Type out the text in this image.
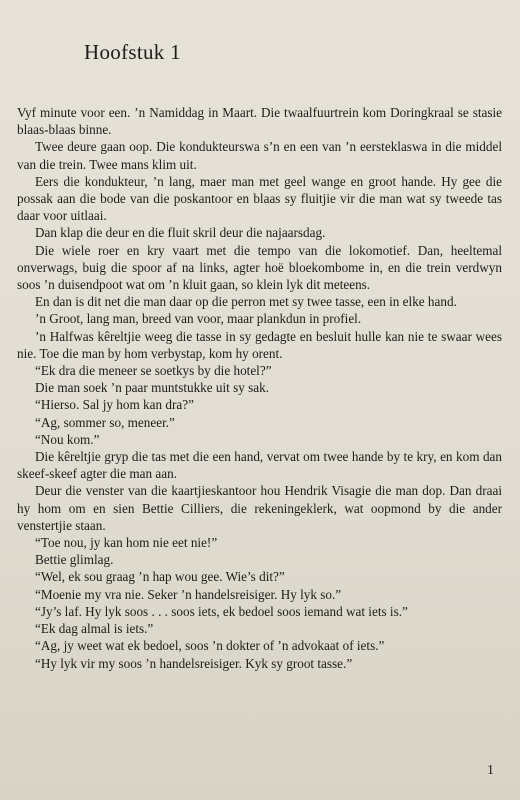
Hoofstuk 1

Vyf minute voor een. ’n Namiddag in Maart. Die twaalfuurtrein kom Doringkraal se stasie blaas-blaas binne.

Twee deure gaan oop. Die kondukteurswa s’n en een van ’n eersteklaswa in die middel van die trein. Twee mans klim uit.

Eers die kondukteur, ’n lang, maer man met geel wange en groot hande. Hy gee die possak aan die bode van die poskantoor en blaas sy fluitjie vir die man wat sy tweede tas daar voor uitlaai.

Dan klap die deur en die fluit skril deur die najaarsdag.

Die wiele roer en kry vaart met die tempo van die lokomotief. Dan, heeltemal onverwags, buig die spoor af na links, agter hoë bloekombome in, en die trein verdwyn soos ’n duisendpoot wat om ’n kluit gaan, so klein lyk dit meteens.

En dan is dit net die man daar op die perron met sy twee tasse, een in elke hand.

’n Groot, lang man, breed van voor, maar plankdun in profiel.

’n Halfwas kêreltjie weeg die tasse in sy gedagte en besluit hulle kan nie te swaar wees nie. Toe die man by hom verbystap, kom hy orent.

“Ek dra die meneer se soetkys by die hotel?”

Die man soek ’n paar muntstukke uit sy sak.

“Hierso. Sal jy hom kan dra?”

“Ag, sommer so, meneer.”

“Nou kom.”

Die kêreltjie gryp die tas met die een hand, vervat om twee hande by te kry, en kom dan skeef-skeef agter die man aan.

Deur die venster van die kaartjieskantoor hou Hendrik Visagie die man dop. Dan draai hy hom om en sien Bettie Cilliers, die rekeningeklerk, wat oopmond by die ander venstertjie staan.

“Toe nou, jy kan hom nie eet nie!”

Bettie glimlag.

“Wel, ek sou graag ’n hap wou gee. Wie’s dit?”

“Moenie my vra nie. Seker ’n handelsreisiger. Hy lyk so.”

“Jy’s laf. Hy lyk soos . . . soos iets, ek bedoel soos iemand wat iets is.”

“Ek dag almal is iets.”

“Ag, jy weet wat ek bedoel, soos ’n dokter of ’n advokaat of iets.”

“Hy lyk vir my soos ’n handelsreisiger. Kyk sy groot tasse.”

1
